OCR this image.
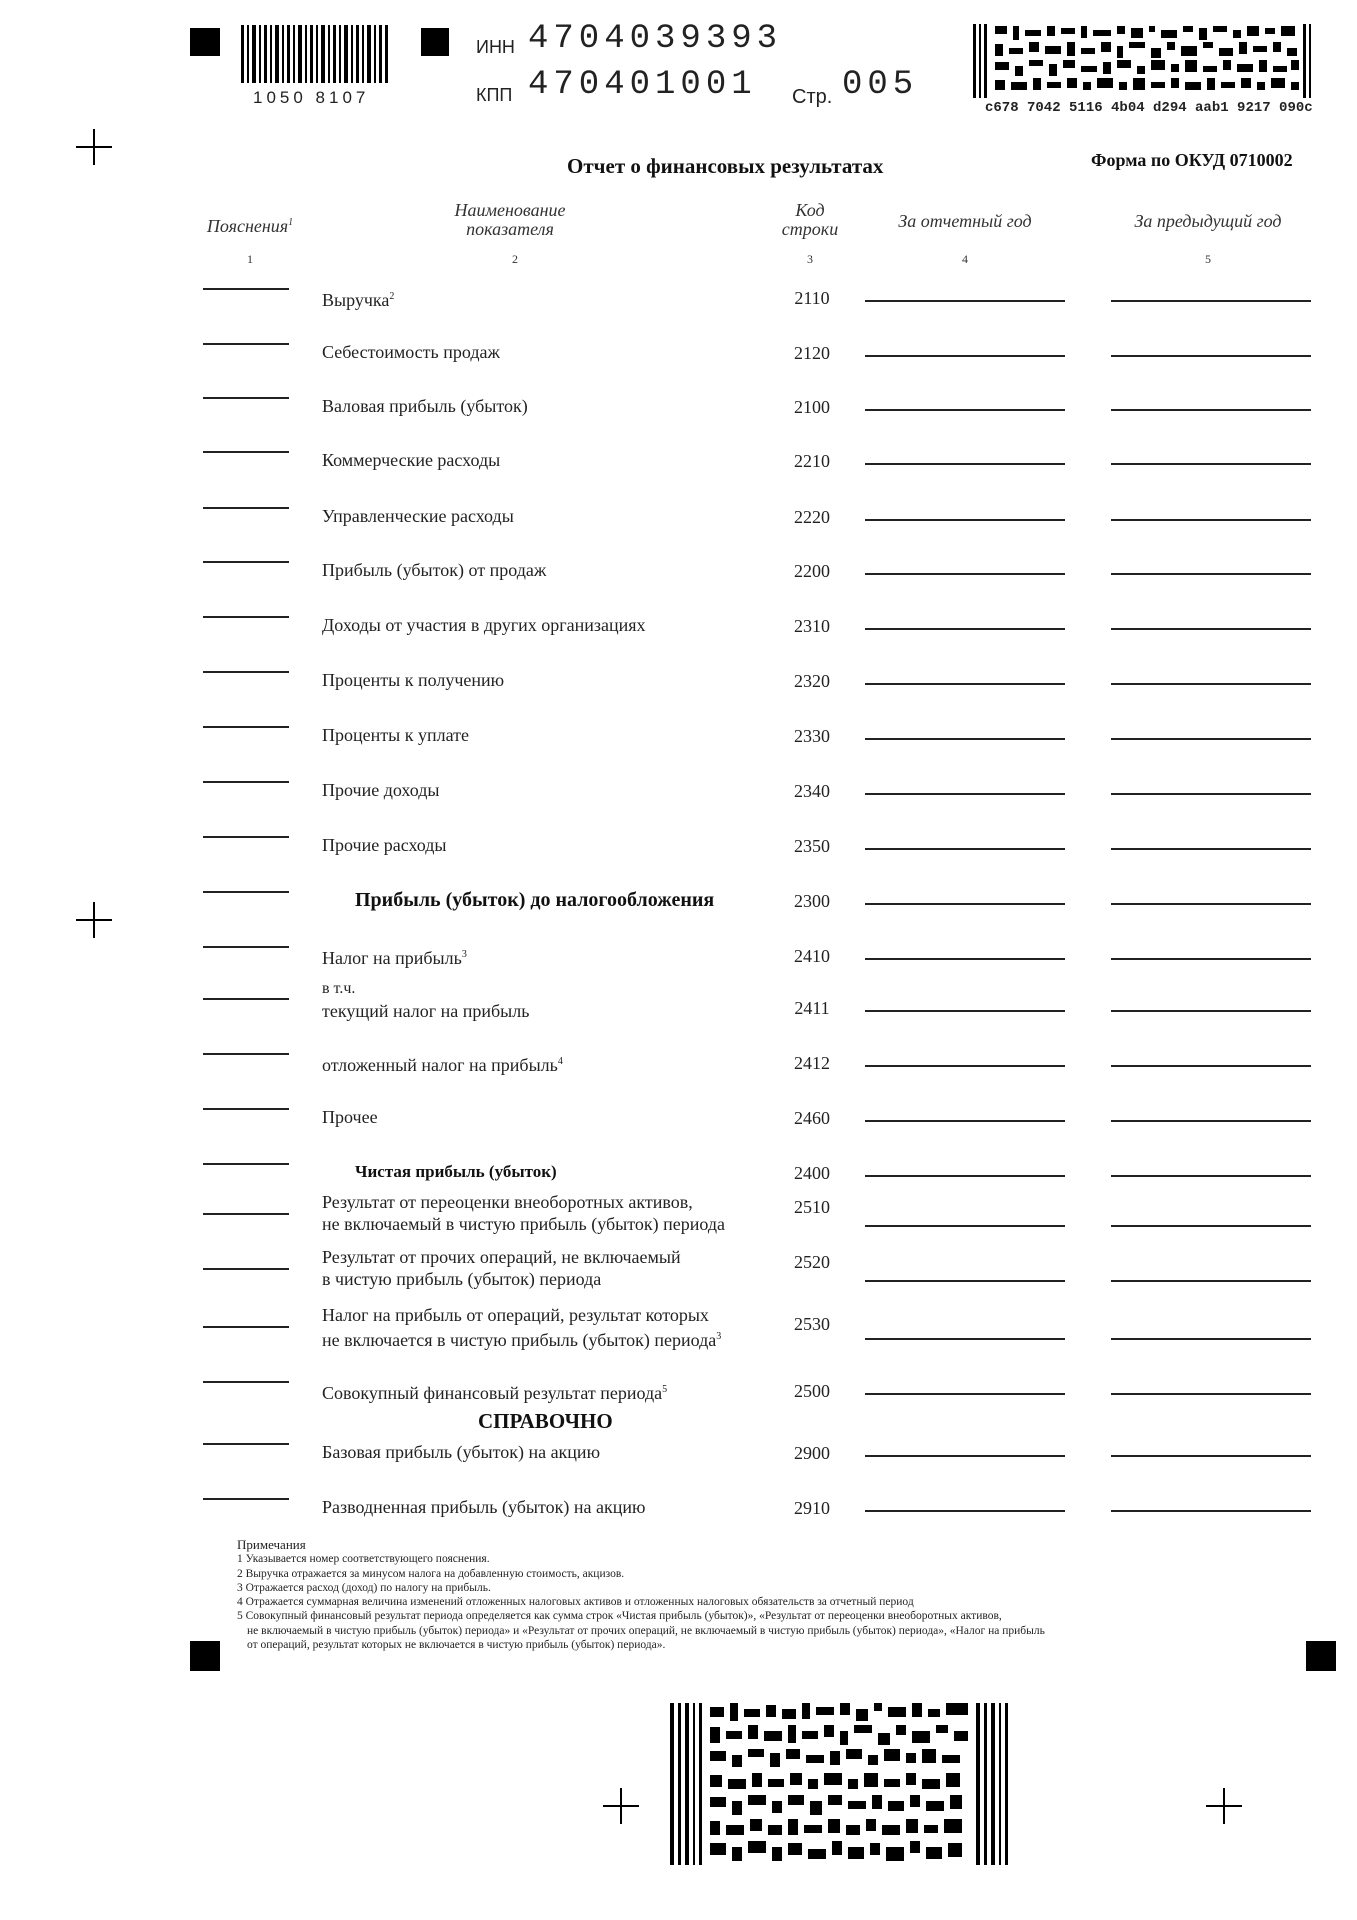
1050 8107
ИНН 4704039393
КПП 470401001 Стр. 005
c678 7042 5116 4b04 d294 aab1 9217 090c
Отчет о финансовых результатах	Форма по ОКУД 0710002
Пояснения$^1$
Наименование показателя
Код строки	За отчетный год	За предыдущий год
1	2	3	4	5
Выручка$^2$	2110
Себестоимость продаж	2120
Валовая прибыль (убыток)	2100
Коммерческие расходы	2210
Управленческие расходы	2220
Прибыль (убыток) от продаж	2200
Доходы от участия в других организациях	2310
Проценты к получению	2320
Проценты к уплате	2330
Прочие доходы	2340
Прочие расходы	2350
Прибыль (убыток) до налогообложения	2300
Налог на прибыль$^3$	2410
в т.ч.
текущий налог на прибыль	2411
отложенный налог на прибыль$^4$	2412
Прочее	2460
Чистая прибыль (убыток)	2400
Результат от переоценки внеоборотных активов,
не включаемый в чистую прибыль (убыток) периода
2510
Результат от прочих операций, не включаемый
в чистую прибыль (убыток) периода
2520
Налог на прибыль от операций, результат которых
не включается в чистую прибыль (убыток) периода$^3$
2530
Совокупный финансовый результат периода$^5$	2500
Базовая прибыль (убыток) на акцию	2900
Разводненная прибыль (убыток) на акцию	2910
СПРАВОЧНО
Примечания
1 Указывается номер соответствующего пояснения.
2 Выручка отражается за минусом налога на добавленную стоимость, акцизов.
3 Отражается расход (доход) по налогу на прибыль.
4 Отражается суммарная величина изменений отложенных налоговых активов и отложенных налоговых обязательств за отчетный период
5 Совокупный финансовый результат периода определяется как сумма строк «Чистая прибыль (убыток)», «Результат от переоценки внеоборотных активов,
не включаемый в чистую прибыль (убыток) периода» и «Результат от прочих операций, не включаемый в чистую прибыль (убыток) периода», «Налог на прибыль
от операций, результат которых не включается в чистую прибыль (убыток) периода».
